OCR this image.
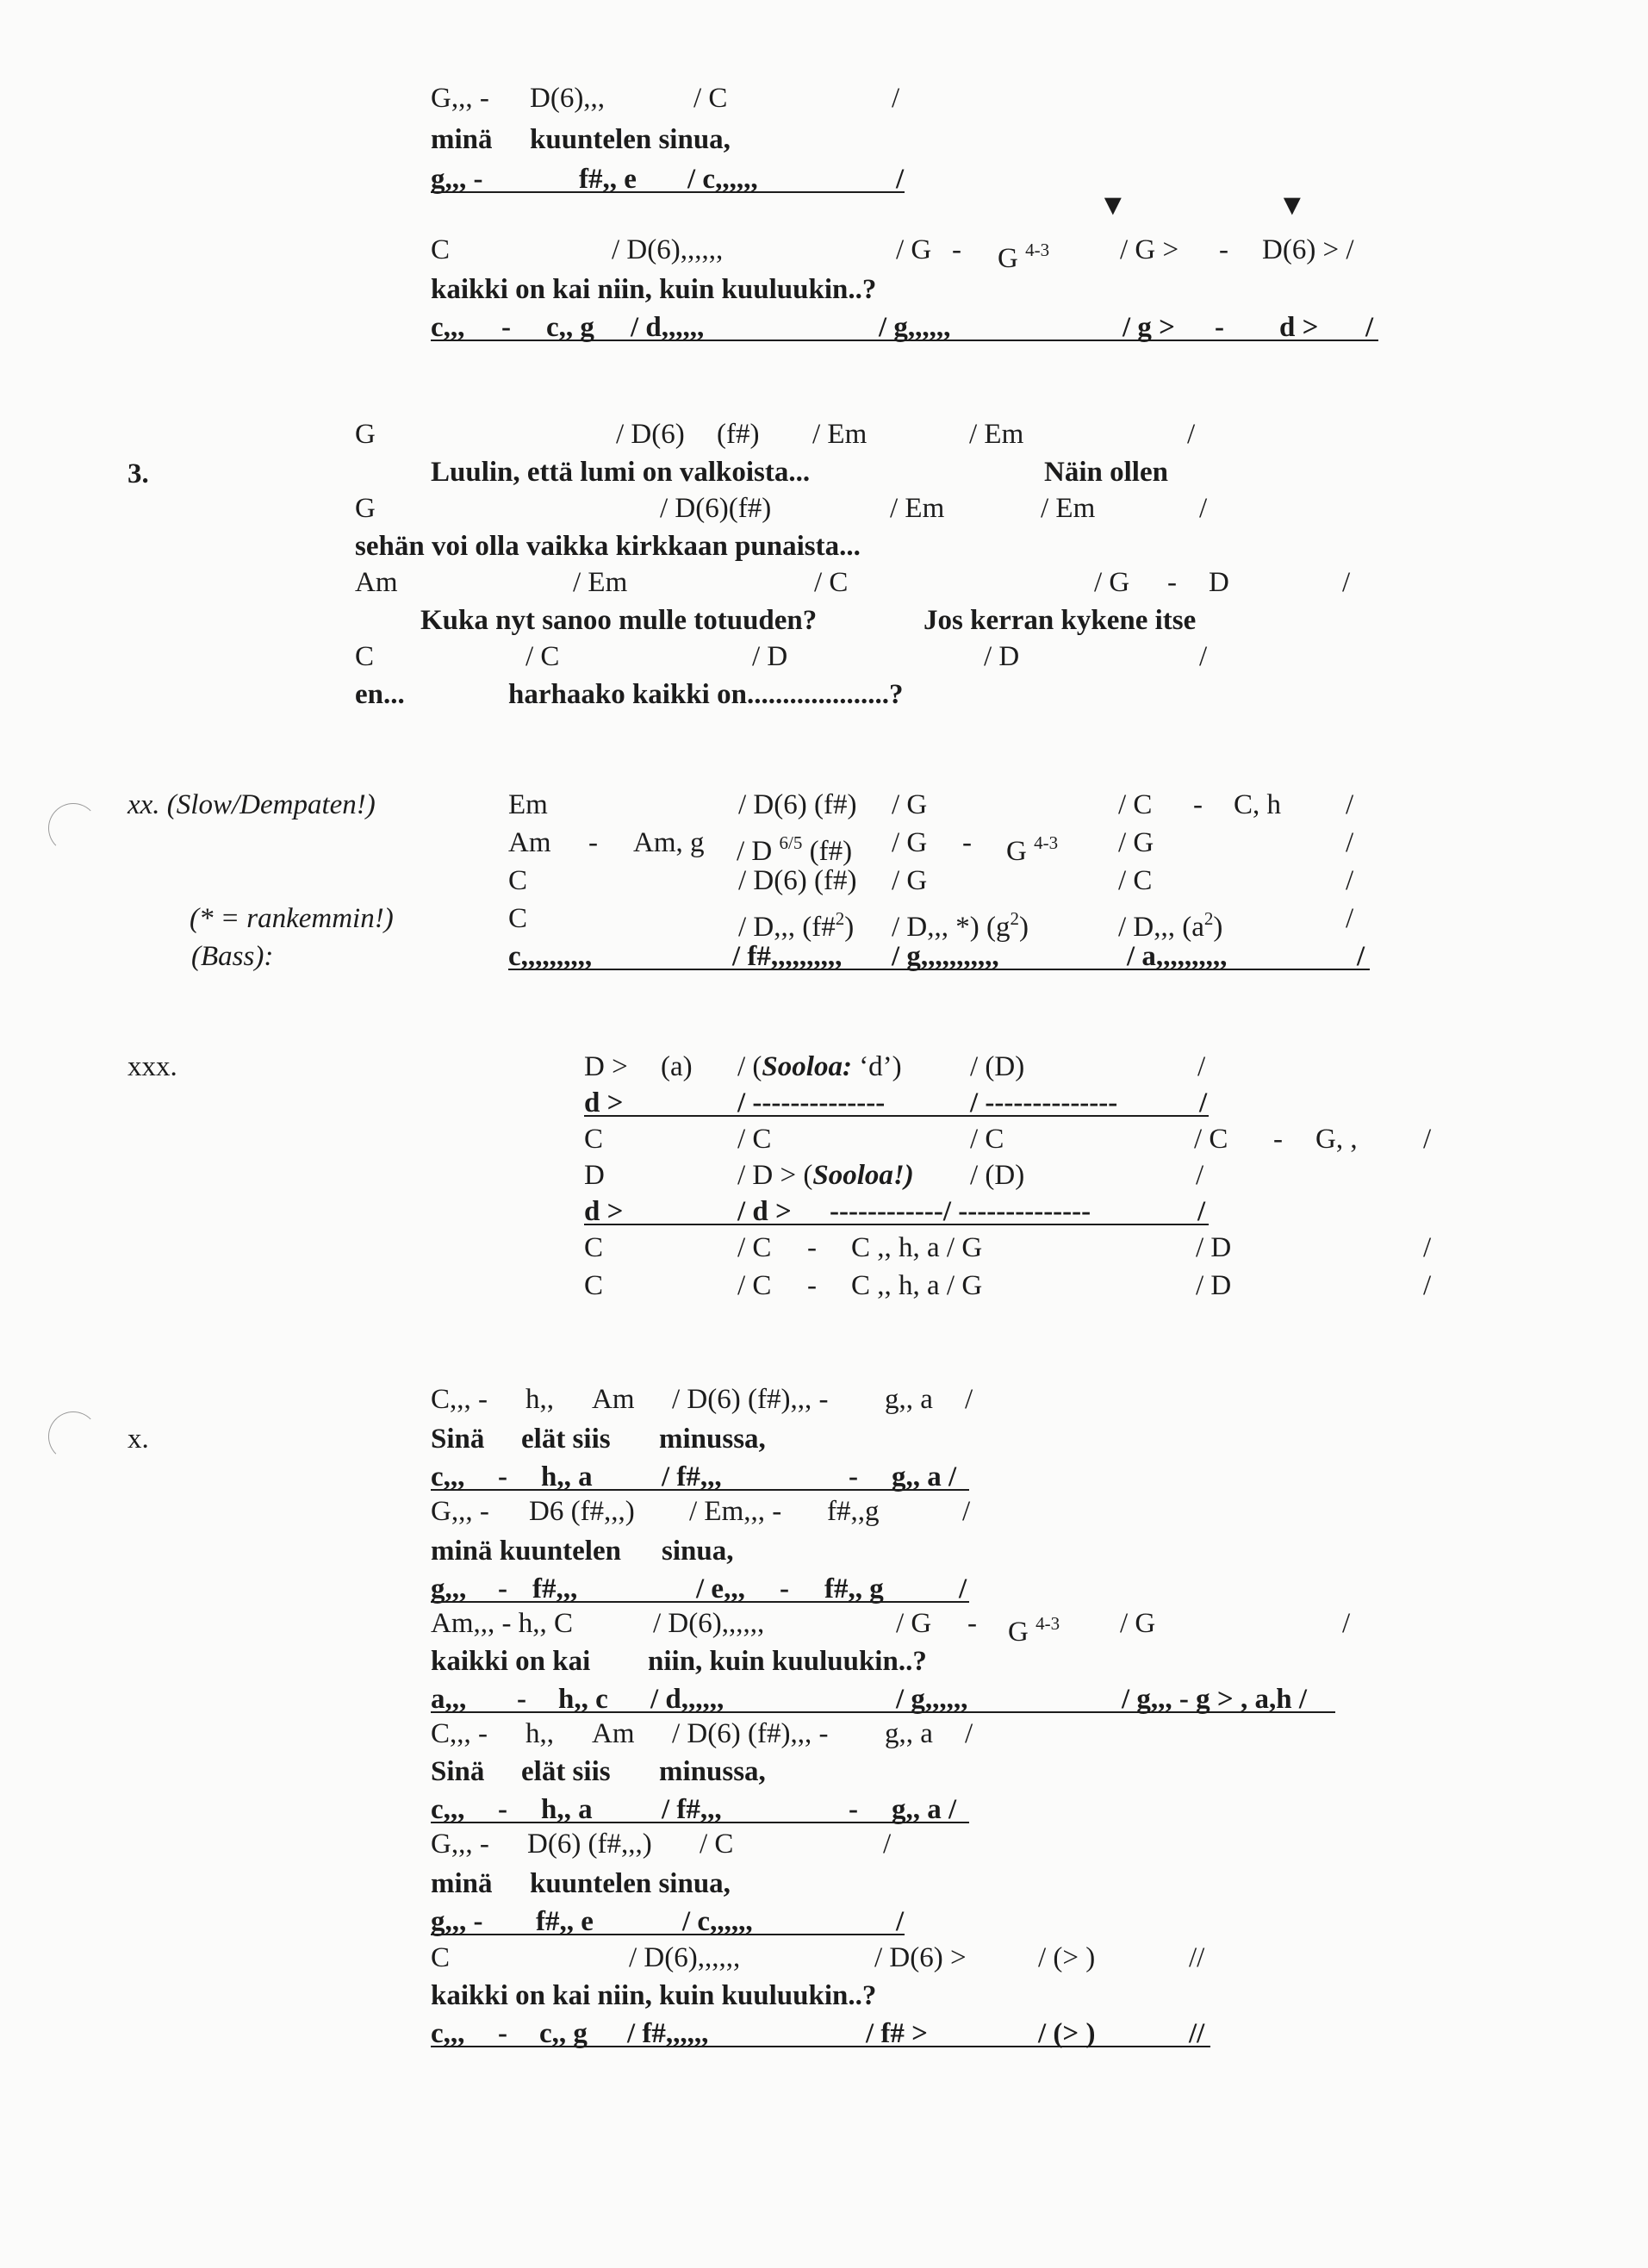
G,,, - D(6),,,	/ C	/
minä kuuntelen sinua,
g,,, -	f#,, e / c,,,,,,	/
▼	▼
C	/ D(6),,,,,,	/ G - G $^{4-3}$ / G > - D(6) > /
kaikki on kai niin, kuin kuuluukin..?
c,,, - c,, g / d,,,,,,	/ g,,,,,,	/ g > - d > /
3.
G	/ D(6) (f#) / Em	/ Em	/
Luulin, että lumi on valkoista...	Näin ollen
G	/ D(6)(f#)	/ Em	/ Em	/
sehän voi olla vaikka kirkkaan punaista...
Am	/ Em	/ C	/ G - D	/
Kuka nyt sanoo mulle totuuden?	Jos kerran kykene itse
C	/ C	/ D	/ D	/
en...	harhaako kaikki on....................?
xx. (Slow/Dempaten!)
(* = rankemmin!)
(Bass):
Em	/ D(6) (f#) / G	/ C - C, h /
Am - Am, g / D $^{6/5}$ (f#) / G - G $^{4-3}$ / G	/
C	/ D(6) (f#) / G	/ C	/
C	/ D,,, (f#$^2$) / D,,, *) $(g^2)$	/ D,,, $(a^2)$	/
c,,,,,,,,,,	/ f#,,,,,,,,,, / g,,,,,,,,,,,	/ a,,,,,,,,,,	/
xxx.	D > (a) / (Sooloa: ‘d’) / (D)	/
d >	/ --------------	/ --------------	/
C	/ C	/ C	/ C - G, , /
D	/ D > (Sooloa!) / (D)	/
d >	/ d > ------------/ --------------	/
C	/ C - C ,, h, a / G	/ D	/
C	/ C - C ,, h, a / G	/ D	/
x.
C,,, - h,, Am / D(6) (f#),,, - g,, a /
Sinä elät siis minussa,
c,,, - h,, a / f#,,,	- g,, a /
G,,, - D6 (f#,,,) / Em,,, - f#,,g	/
minä kuuntelen sinua,
g,,, - f#,,,	/ e,,, - f#,, g	/
Am,,, - h,, C	/ D(6),,,,,,	/ G - G $^{4-3}$ / G	/
kaikki on kai niin, kuin kuuluukin..?
a,,, - h,, c / d,,,,,,	/ g,,,,,,	/ g,,, - g > , a,h /
C,,, - h,, Am / D(6) (f#),,, - g,, a /
Sinä elät siis minussa,
c,,, - h,, a / f#,,,	- g,, a /
G,,, - D(6) (f#,,,) / C	/
minä kuuntelen sinua,
g,,, - f#,, e	/ c,,,,,,	/
C	/ D(6),,,,,,	/ D(6) >	/ (> )	//
kaikki on kai niin, kuin kuuluukin..?
c,,, - c,, g / f#,,,,,,	/ f# >	/ (> )	//
